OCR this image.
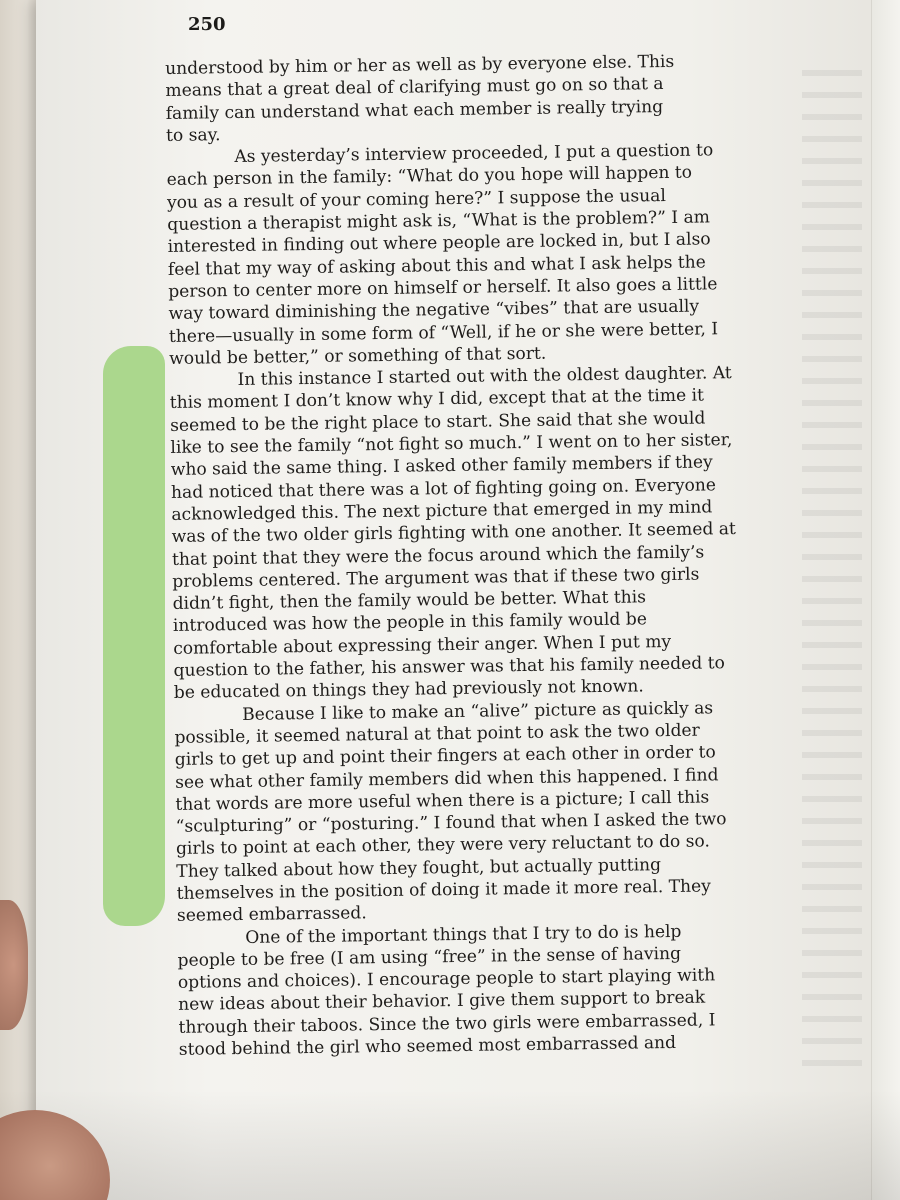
250

understood by him or her as well as by everyone else. This

means that a great deal of clarifying must go on so that a

family can understand what each member is really trying

to say.

As yesterday’s interview proceeded, I put a question to

each person in the family: “What do you hope will happen to

you as a result of your coming here?” I suppose the usual

question a therapist might ask is, “What is the problem?” I am

interested in finding out where people are locked in, but I also

feel that my way of asking about this and what I ask helps the

person to center more on himself or herself. It also goes a little

way toward diminishing the negative “vibes” that are usually

there—usually in some form of “Well, if he or she were better, I

would be better,” or something of that sort.

In this instance I started out with the oldest daughter. At

this moment I don’t know why I did, except that at the time it

seemed to be the right place to start. She said that she would

like to see the family “not fight so much.” I went on to her sister,

who said the same thing. I asked other family members if they

had noticed that there was a lot of fighting going on. Everyone

acknowledged this. The next picture that emerged in my mind

was of the two older girls fighting with one another. It seemed at

that point that they were the focus around which the family’s

problems centered. The argument was that if these two girls

didn’t fight, then the family would be better. What this

introduced was how the people in this family would be

comfortable about expressing their anger. When I put my

question to the father, his answer was that his family needed to

be educated on things they had previously not known.

Because I like to make an “alive” picture as quickly as

possible, it seemed natural at that point to ask the two older

girls to get up and point their fingers at each other in order to

see what other family members did when this happened. I find

that words are more useful when there is a picture; I call this

“sculpturing” or “posturing.” I found that when I asked the two

girls to point at each other, they were very reluctant to do so.

They talked about how they fought, but actually putting

themselves in the position of doing it made it more real. They

seemed embarrassed.

One of the important things that I try to do is help

people to be free (I am using “free” in the sense of having

options and choices). I encourage people to start playing with

new ideas about their behavior. I give them support to break

through their taboos. Since the two girls were embarrassed, I

stood behind the girl who seemed most embarrassed and
